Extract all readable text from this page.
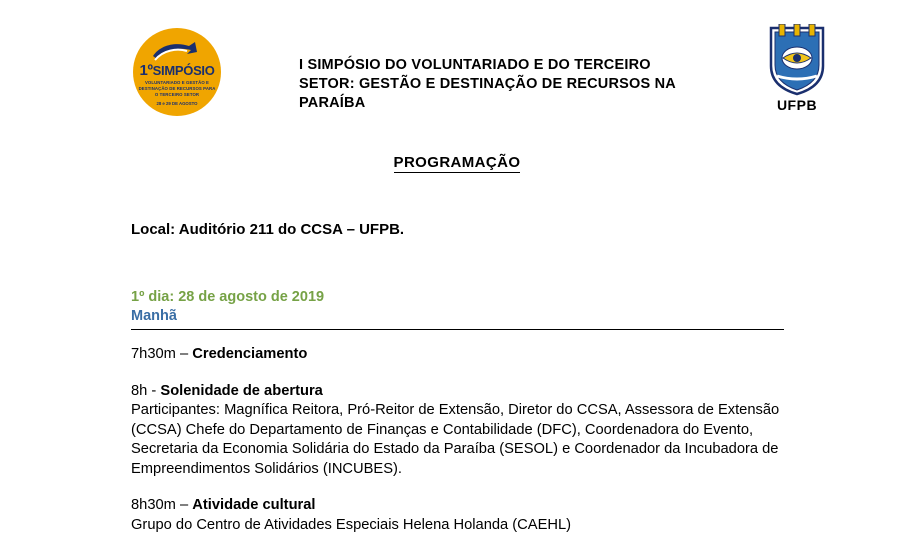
1ºSIMPÓSIO
VOLUNTARIADO E GESTÃO E DESTINAÇÃO DE RECURSOS PARA O TERCEIRO SETOR
28 e 29 DE AGOSTO
I SIMPÓSIO DO VOLUNTARIADO E DO TERCEIRO SETOR: GESTÃO E DESTINAÇÃO DE RECURSOS NA PARAÍBA	UFPB
PROGRAMAÇÃO
Local: Auditório 211 do CCSA – UFPB.
1º dia: 28 de agosto de 2019
Manhã
7h30m – Credenciamento
8h - Solenidade de abertura
Participantes: Magnífica Reitora, Pró-Reitor de Extensão, Diretor do CCSA, Assessora de Extensão (CCSA) Chefe do Departamento de Finanças e Contabilidade (DFC), Coordenadora do Evento, Secretaria da Economia Solidária do Estado da Paraíba (SESOL) e Coordenador da Incubadora de Empreendimentos Solidários (INCUBES).
8h30m – Atividade cultural
Grupo do Centro de Atividades Especiais Helena Holanda (CAEHL)
